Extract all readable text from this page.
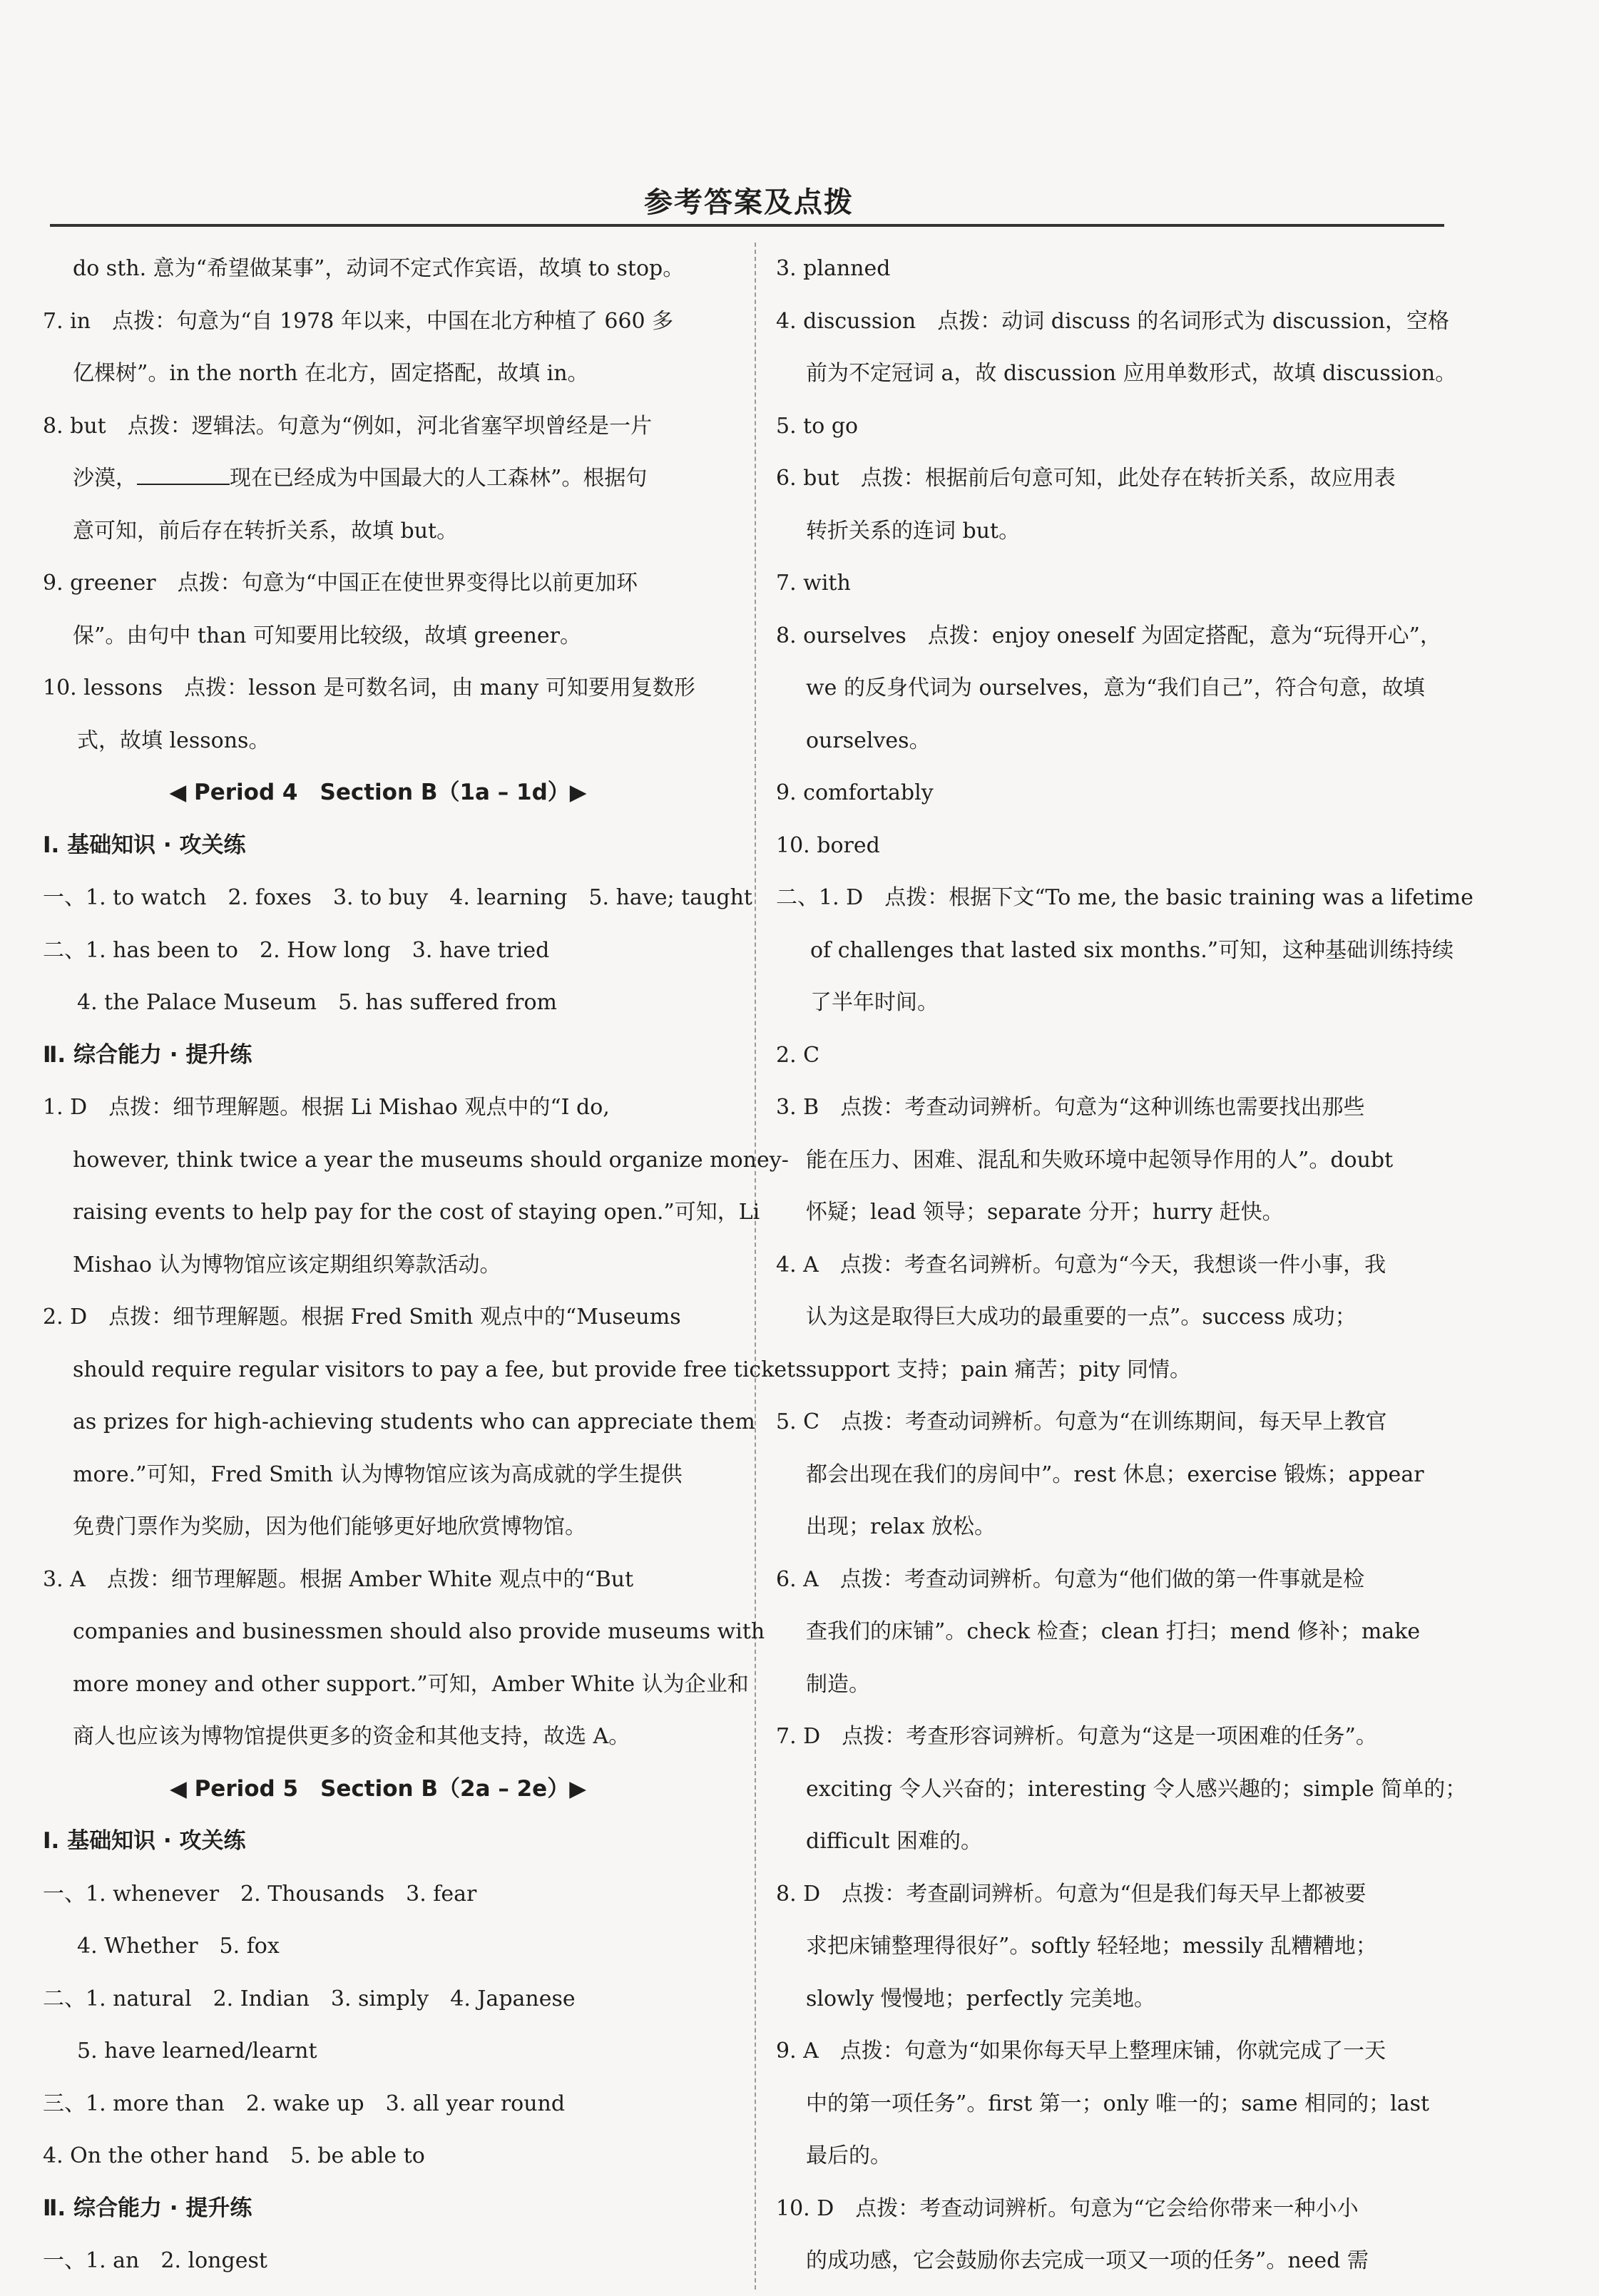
参考答案及点拨
do sth. 意为“希望做某事”，动词不定式作宾语，故填 to stop。
7. in　点拨：句意为“自 1978 年以来，中国在北方种植了 660 多
亿棵树”。in the north 在北方，固定搭配，故填 in。
8. but　点拨：逻辑法。句意为“例如，河北省塞罕坝曾经是一片
沙漠，	现在已经成为中国最大的人工森林”。根据句
意可知，前后存在转折关系，故填 but。
9. greener　点拨：句意为“中国正在使世界变得比以前更加环
保”。由句中 than 可知要用比较级，故填 greener。
10. lessons　点拨：lesson 是可数名词，由 many 可知要用复数形
式，故填 lessons。
◀ Period 4　Section B（1a – 1d）▶
Ⅰ. 基础知识 · 攻关练
一、1. to watch　2. foxes　3. to buy　4. learning　5. have; taught
二、1. has been to　2. How long　3. have tried
4. the Palace Museum　5. has suffered from
Ⅱ. 综合能力 · 提升练
1. D　点拨：细节理解题。根据 Li Mishao 观点中的“I do,
however, think twice a year the museums should organize money-
raising events to help pay for the cost of staying open.”可知，Li
Mishao 认为博物馆应该定期组织筹款活动。
2. D　点拨：细节理解题。根据 Fred Smith 观点中的“Museums
should require regular visitors to pay a fee, but provide free tickets
as prizes for high-achieving students who can appreciate them
more.”可知，Fred Smith 认为博物馆应该为高成就的学生提供
免费门票作为奖励，因为他们能够更好地欣赏博物馆。
3. A　点拨：细节理解题。根据 Amber White 观点中的“But
companies and businessmen should also provide museums with
more money and other support.”可知，Amber White 认为企业和
商人也应该为博物馆提供更多的资金和其他支持，故选 A。
◀ Period 5　Section B（2a – 2e）▶
Ⅰ. 基础知识 · 攻关练
一、1. whenever　2. Thousands　3. fear
4. Whether　5. fox
二、1. natural　2. Indian　3. simply　4. Japanese
5. have learned/learnt
三、1. more than　2. wake up　3. all year round
4. On the other hand　5. be able to
Ⅱ. 综合能力 · 提升练
一、1. an　2. longest
3. planned
4. discussion　点拨：动词 discuss 的名词形式为 discussion，空格
前为不定冠词 a，故 discussion 应用单数形式，故填 discussion。
5. to go
6. but　点拨：根据前后句意可知，此处存在转折关系，故应用表
转折关系的连词 but。
7. with
8. ourselves　点拨：enjoy oneself 为固定搭配，意为“玩得开心”，
we 的反身代词为 ourselves，意为“我们自己”，符合句意，故填
ourselves。
9. comfortably
10. bored
二、1. D　点拨：根据下文“To me, the basic training was a lifetime
of challenges that lasted six months.”可知，这种基础训练持续
了半年时间。
2. C
3. B　点拨：考查动词辨析。句意为“这种训练也需要找出那些
能在压力、困难、混乱和失败环境中起领导作用的人”。doubt
怀疑；lead 领导；separate 分开；hurry 赶快。
4. A　点拨：考查名词辨析。句意为“今天，我想谈一件小事，我
认为这是取得巨大成功的最重要的一点”。success 成功；
support 支持；pain 痛苦；pity 同情。
5. C　点拨：考查动词辨析。句意为“在训练期间，每天早上教官
都会出现在我们的房间中”。rest 休息；exercise 锻炼；appear
出现；relax 放松。
6. A　点拨：考查动词辨析。句意为“他们做的第一件事就是检
查我们的床铺”。check 检查；clean 打扫；mend 修补；make
制造。
7. D　点拨：考查形容词辨析。句意为“这是一项困难的任务”。
exciting 令人兴奋的；interesting 令人感兴趣的；simple 简单的；
difficult 困难的。
8. D　点拨：考查副词辨析。句意为“但是我们每天早上都被要
求把床铺整理得很好”。softly 轻轻地；messily 乱糟糟地；
slowly 慢慢地；perfectly 完美地。
9. A　点拨：句意为“如果你每天早上整理床铺，你就完成了一天
中的第一项任务”。first 第一；only 唯一的；same 相同的；last
最后的。
10. D　点拨：考查动词辨析。句意为“它会给你带来一种小小
的成功感，它会鼓励你去完成一项又一项的任务”。need 需
